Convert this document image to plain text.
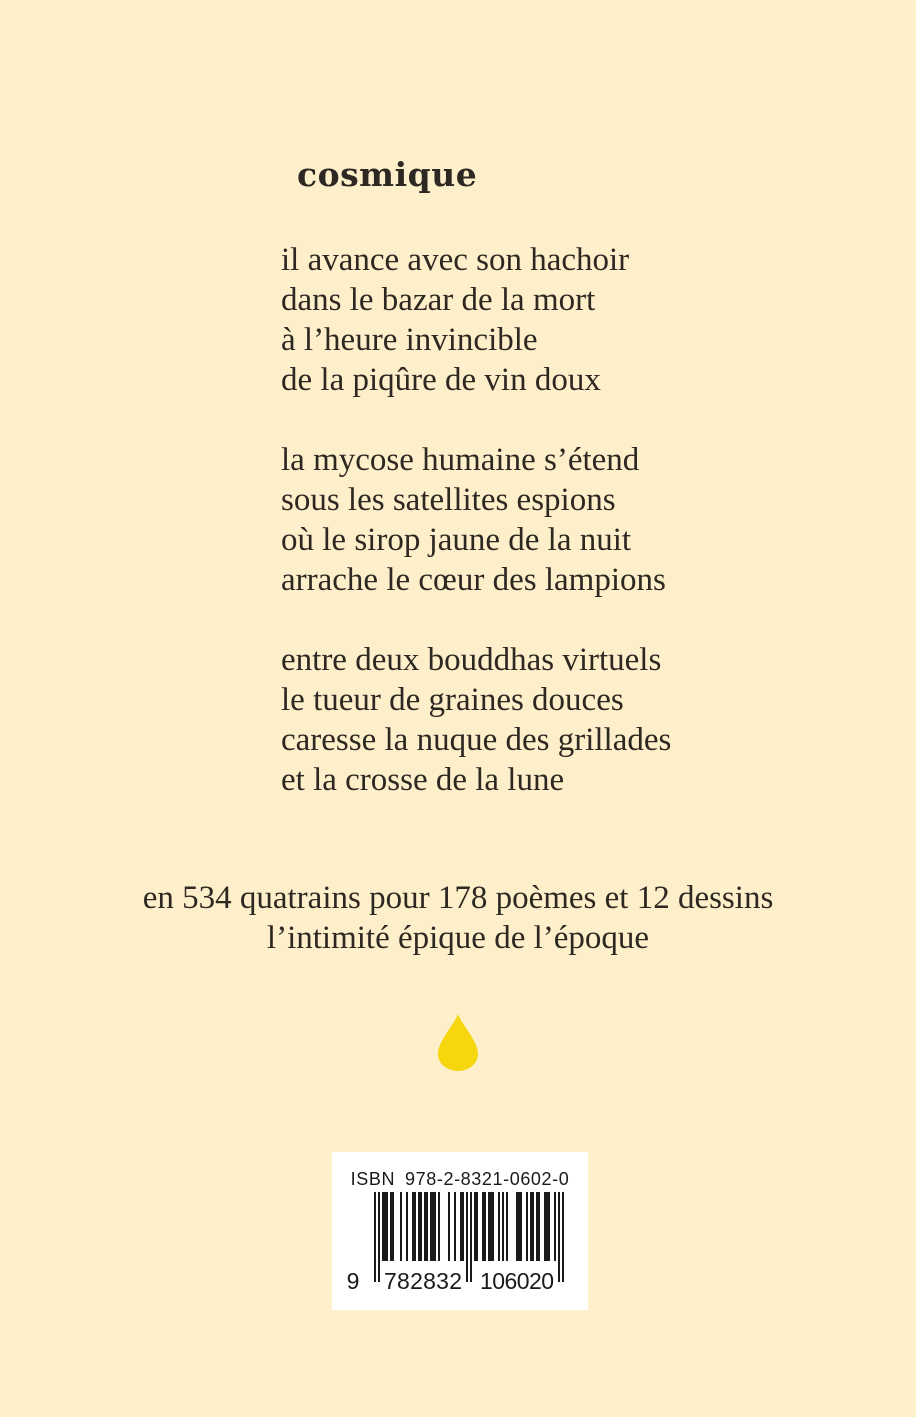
cosmique
il avance avec son hachoir
dans le bazar de la mort
à l’heure invincible
de la piqûre de vin doux
la mycose humaine s’étend
sous les satellites espions
où le sirop jaune de la nuit
arrache le cœur des lampions
entre deux bouddhas virtuels
le tueur de graines douces
caresse la nuque des grillades
et la crosse de la lune
en 534 quatrains pour 178 poèmes et 12 dessins
l’intimité épique de l’époque
ISBN 978-2-8321-0602-0
9 782832 106020
